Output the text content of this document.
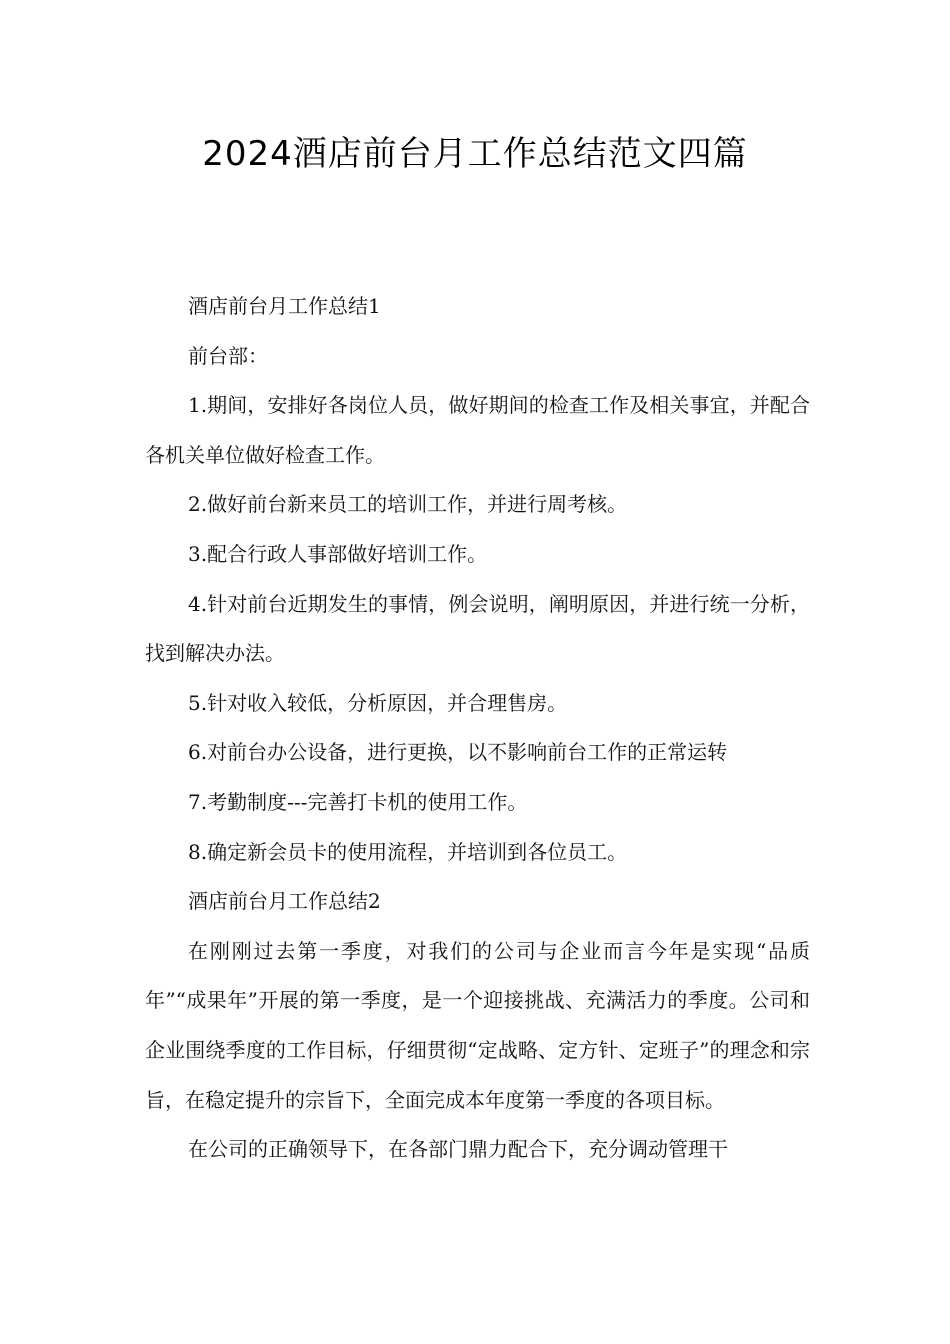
2024酒店前台月工作总结范文四篇

酒店前台月工作总结1

前台部：

1.期间，安排好各岗位人员，做好期间的检查工作及相关事宜，并配合各机关单位做好检查工作。

2.做好前台新来员工的培训工作，并进行周考核。

3.配合行政人事部做好培训工作。

4.针对前台近期发生的事情，例会说明，阐明原因，并进行统一分析，找到解决办法。

5.针对收入较低，分析原因，并合理售房。

6.对前台办公设备，进行更换，以不影响前台工作的正常运转

7.考勤制度---完善打卡机的使用工作。

8.确定新会员卡的使用流程，并培训到各位员工。

酒店前台月工作总结2

在刚刚过去第一季度，对我们的公司与企业而言今年是实现“品质年”“成果年”开展的第一季度，是一个迎接挑战、充满活力的季度。公司和企业围绕季度的工作目标，仔细贯彻“定战略、定方针、定班子”的理念和宗旨，在稳定提升的宗旨下，全面完成本年度第一季度的各项目标。

在公司的正确领导下，在各部门鼎力配合下，充分调动管理干
